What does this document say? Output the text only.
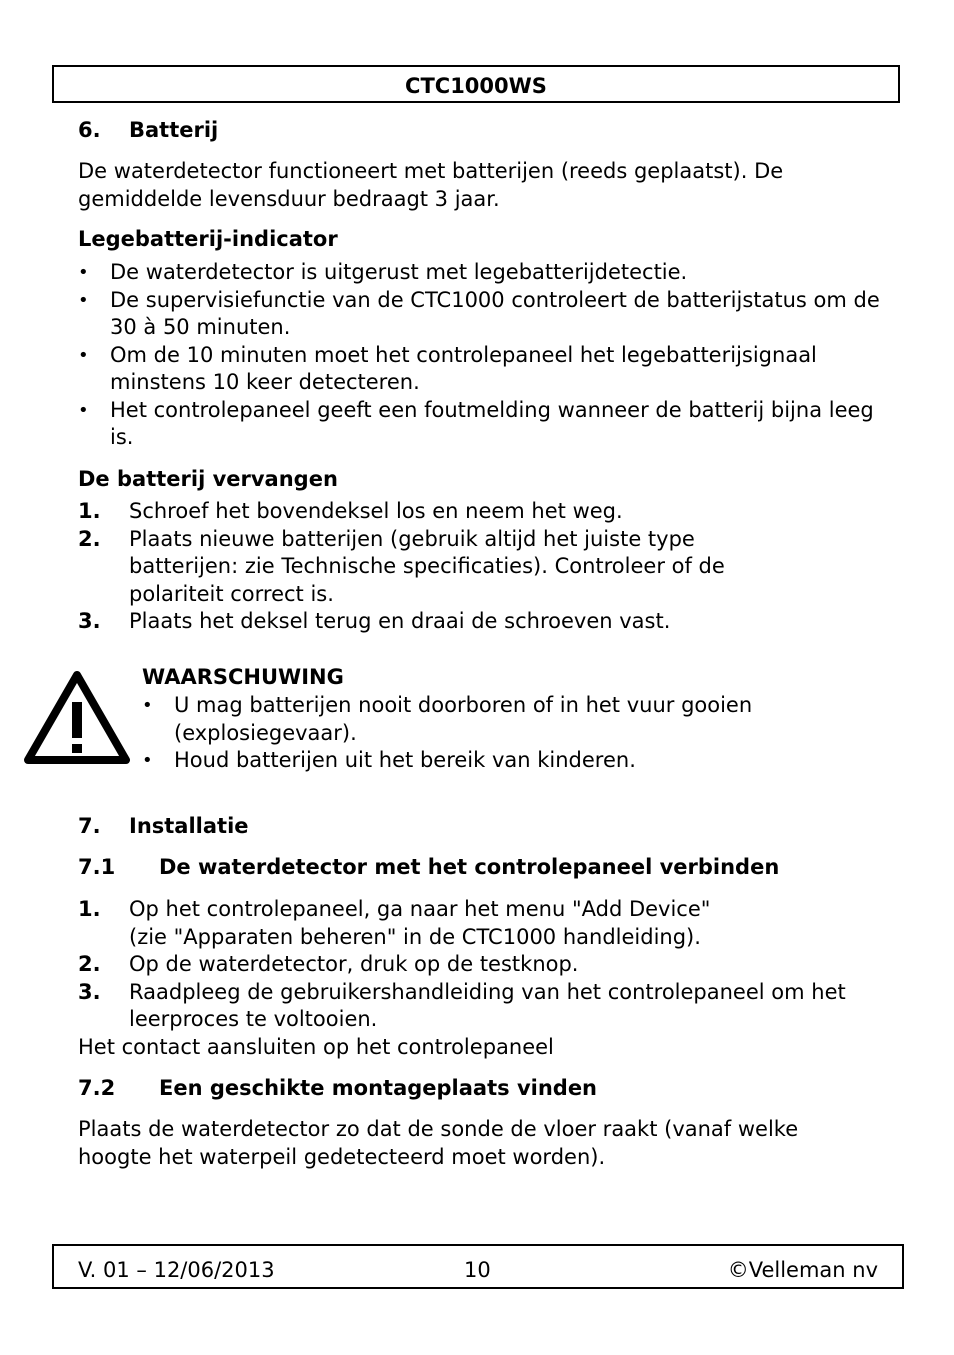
CTC1000WS
6. Batterij

De waterdetector functioneert met batterijen (reeds geplaatst). De gemiddelde levensduur bedraagt 3 jaar.

Legebatterij-indicator
• De waterdetector is uitgerust met legebatterijdetectie.
• De supervisiefunctie van de CTC1000 controleert de batterijstatus om de 30 à 50 minuten.
• Om de 10 minuten moet het controlepaneel het legebatterijsignaal minstens 10 keer detecteren.
• Het controlepaneel geeft een foutmelding wanneer de batterij bijna leeg is.
De batterij vervangen
1. Schroef het bovendeksel los en neem het weg.
2. Plaats nieuwe batterijen (gebruik altijd het juiste type batterijen: zie Technische specificaties). Controleer of de polariteit correct is.
3. Plaats het deksel terug en draai de schroeven vast.
WAARSCHUWING
• U mag batterijen nooit doorboren of in het vuur gooien (explosiegevaar).
• Houd batterijen uit het bereik van kinderen.
7. Installatie
7.1 De waterdetector met het controlepaneel verbinden
1. Op het controlepaneel, ga naar het menu "Add Device"
(zie "Apparaten beheren" in de CTC1000 handleiding).
2. Op de waterdetector, druk op de testknop.
3. Raadpleeg de gebruikershandleiding van het controlepaneel om het leerproces te voltooien.

Het contact aansluiten op het controlepaneel

7.2 Een geschikte montageplaats vinden

Plaats de waterdetector zo dat de sonde de vloer raakt (vanaf welke hoogte het waterpeil gedetecteerd moet worden).

V. 01 – 12/06/2013	10	©Velleman nv
